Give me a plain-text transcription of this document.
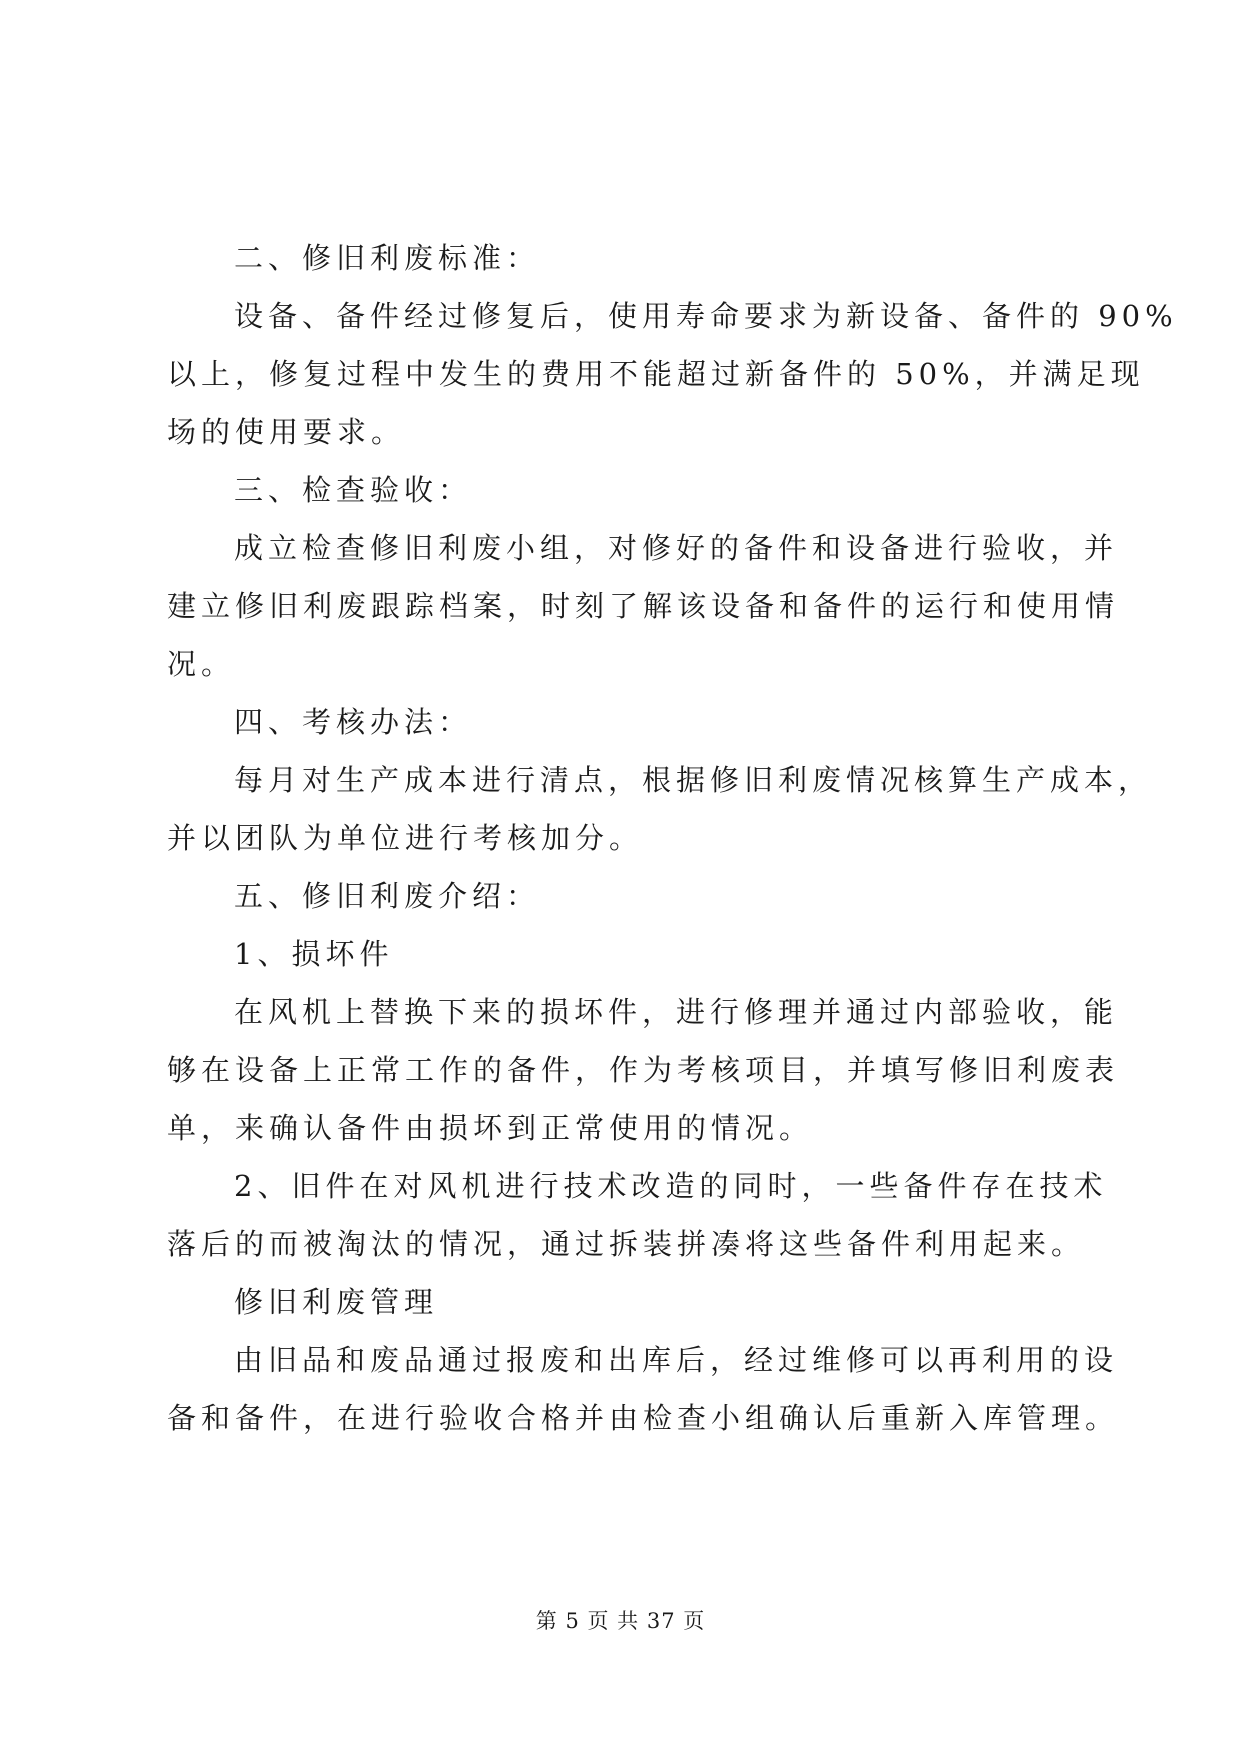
二、修旧利废标准：
设备、备件经过修复后，使用寿命要求为新设备、备件的 90%
以上，修复过程中发生的费用不能超过新备件的 50%，并满足现
场的使用要求。
三、检查验收：
成立检查修旧利废小组，对修好的备件和设备进行验收，并
建立修旧利废跟踪档案，时刻了解该设备和备件的运行和使用情
况。
四、考核办法：
每月对生产成本进行清点，根据修旧利废情况核算生产成本，
并以团队为单位进行考核加分。
五、修旧利废介绍：
1、损坏件
在风机上替换下来的损坏件，进行修理并通过内部验收，能
够在设备上正常工作的备件，作为考核项目，并填写修旧利废表
单，来确认备件由损坏到正常使用的情况。
2、旧件在对风机进行技术改造的同时，一些备件存在技术
落后的而被淘汰的情况，通过拆装拼凑将这些备件利用起来。
修旧利废管理
由旧品和废品通过报废和出库后，经过维修可以再利用的设
备和备件，在进行验收合格并由检查小组确认后重新入库管理。
第 5 页 共 37 页
